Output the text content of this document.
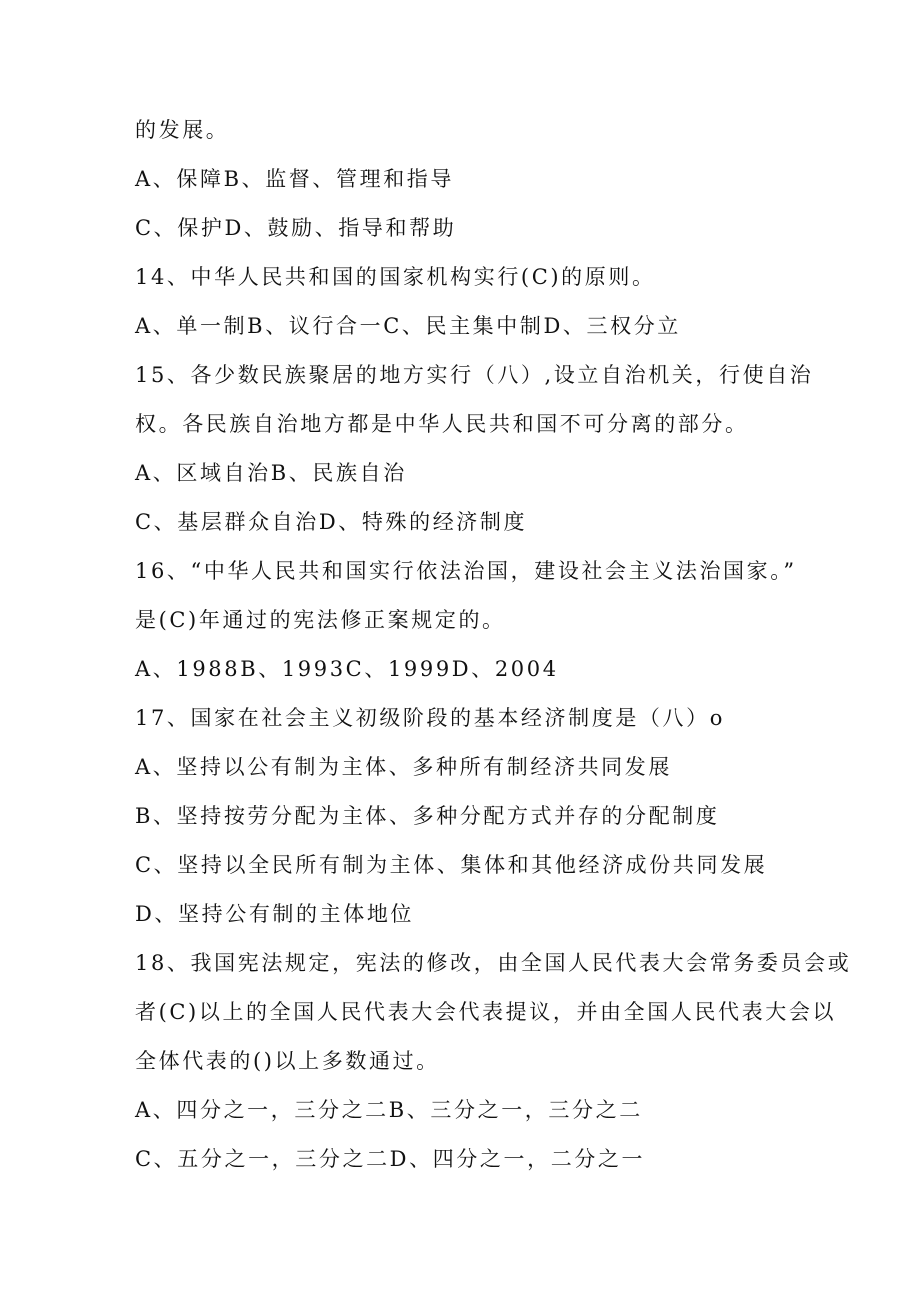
的发展。
A、保障B、监督、管理和指导
C、保护D、鼓励、指导和帮助
14、中华人民共和国的国家机构实行(C)的原则。
A、单一制B、议行合一C、民主集中制D、三权分立
15、各少数民族聚居的地方实行（八）,设立自治机关，行使自治
权。各民族自治地方都是中华人民共和国不可分离的部分。
A、区域自治B、民族自治
C、基层群众自治D、特殊的经济制度
16、“中华人民共和国实行依法治国，建设社会主义法治国家。”
是(C)年通过的宪法修正案规定的。
A、1988B、1993C、1999D、2004
17、国家在社会主义初级阶段的基本经济制度是（八）o
A、坚持以公有制为主体、多种所有制经济共同发展
B、坚持按劳分配为主体、多种分配方式并存的分配制度
C、坚持以全民所有制为主体、集体和其他经济成份共同发展
D、坚持公有制的主体地位
18、我国宪法规定，宪法的修改，由全国人民代表大会常务委员会或
者(C)以上的全国人民代表大会代表提议，并由全国人民代表大会以
全体代表的()以上多数通过。
A、四分之一，三分之二B、三分之一，三分之二
C、五分之一，三分之二D、四分之一，二分之一
